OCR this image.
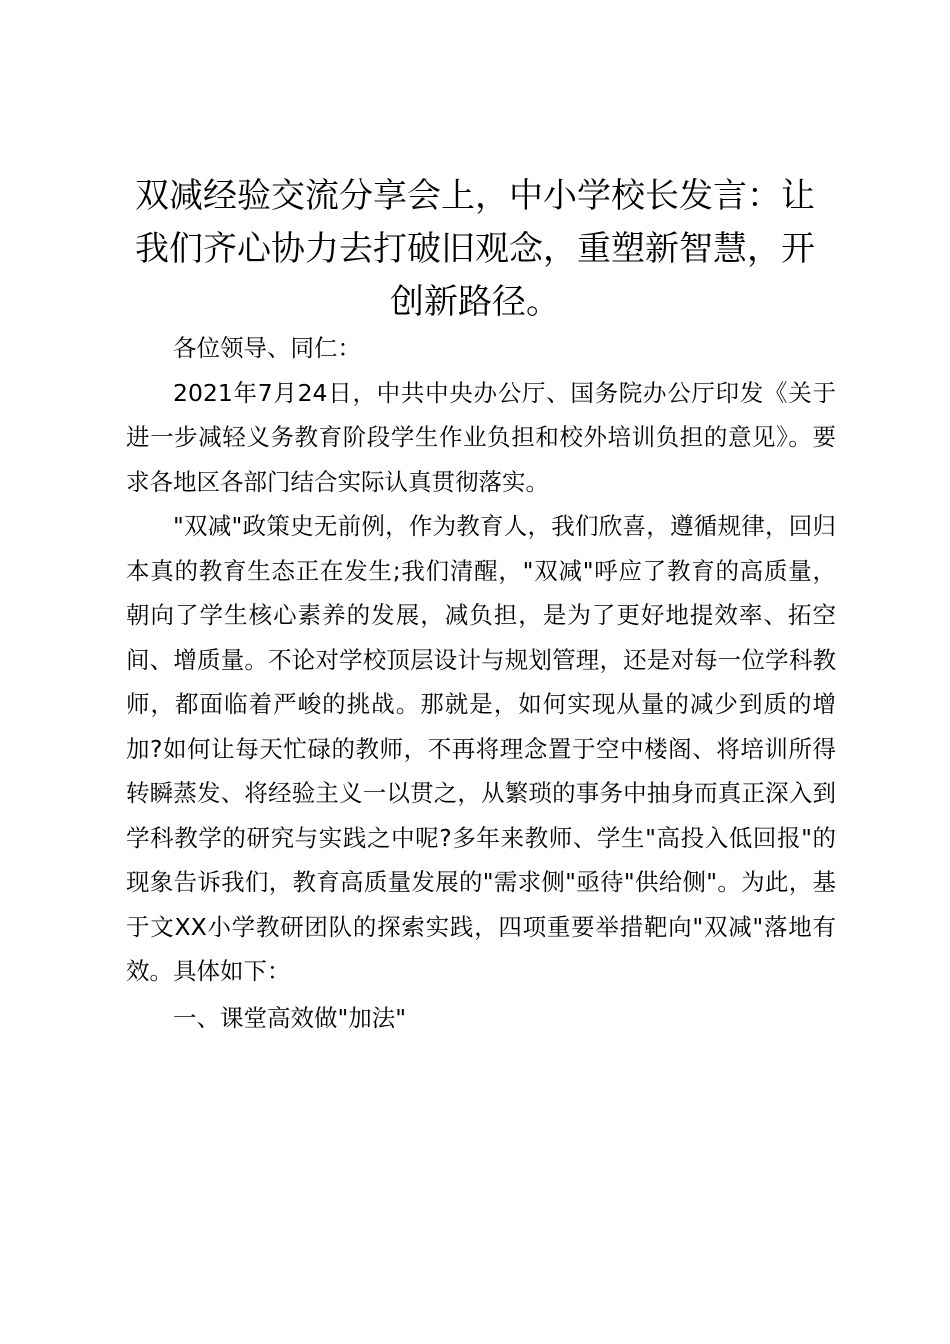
双减经验交流分享会上，中小学校长发言：让我们齐心协力去打破旧观念，重塑新智慧，开创新路径。

各位领导、同仁：

2021年7月24日，中共中央办公厅、国务院办公厅印发《关于进一步减轻义务教育阶段学生作业负担和校外培训负担的意见》。要求各地区各部门结合实际认真贯彻落实。

"双减"政策史无前例，作为教育人，我们欣喜，遵循规律，回归本真的教育生态正在发生;我们清醒，"双减"呼应了教育的高质量，朝向了学生核心素养的发展，减负担，是为了更好地提效率、拓空间、增质量。不论对学校顶层设计与规划管理，还是对每一位学科教师，都面临着严峻的挑战。那就是，如何实现从量的减少到质的增加?如何让每天忙碌的教师，不再将理念置于空中楼阁、将培训所得转瞬蒸发、将经验主义一以贯之，从繁琐的事务中抽身而真正深入到学科教学的研究与实践之中呢?多年来教师、学生"高投入低回报"的现象告诉我们，教育高质量发展的"需求侧"亟待"供给侧"。为此，基于文XX小学教研团队的探索实践，四项重要举措靶向"双减"落地有效。具体如下：

一、课堂高效做"加法"
